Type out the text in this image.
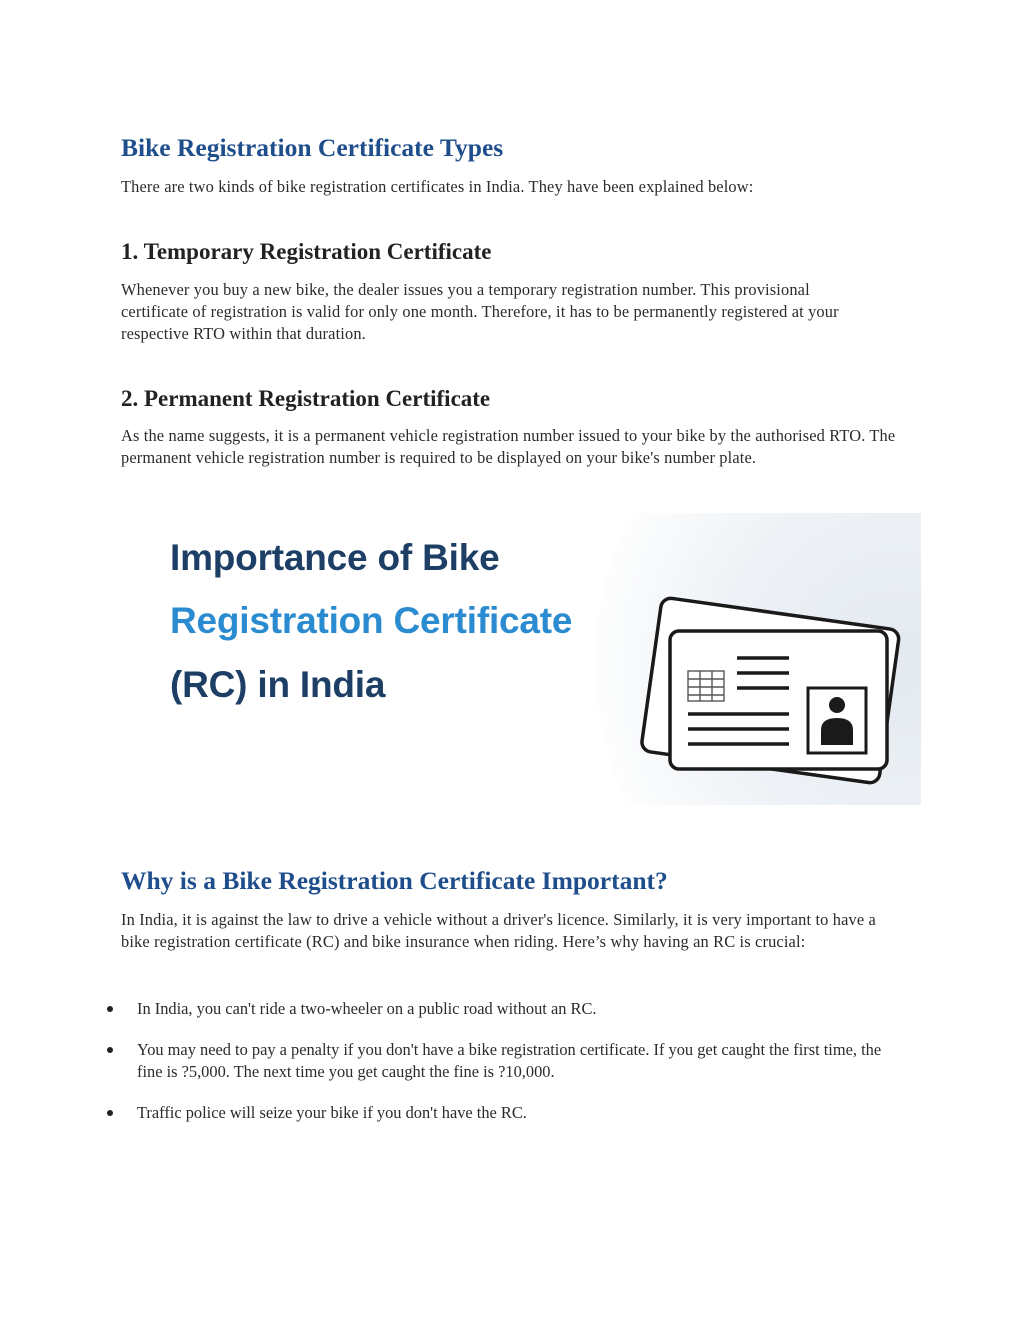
Bike Registration Certificate Types

There are two kinds of bike registration certificates in India. They have been explained below:

1. Temporary Registration Certificate

Whenever you buy a new bike, the dealer issues you a temporary registration number. This provisional certificate of registration is valid for only one month. Therefore, it has to be permanently registered at your respective RTO within that duration.

2. Permanent Registration Certificate

As the name suggests, it is a permanent vehicle registration number issued to your bike by the authorised RTO. The permanent vehicle registration number is required to be displayed on your bike's number plate.

Importance of Bike

Registration Certificate

(RC) in India

Why is a Bike Registration Certificate Important?

In India, it is against the law to drive a vehicle without a driver's licence. Similarly, it is very important to have a bike registration certificate (RC) and bike insurance when riding. Here’s why having an RC is crucial:

In India, you can't ride a two-wheeler on a public road without an RC.
You may need to pay a penalty if you don't have a bike registration certificate. If you get caught the first time, the fine is ?5,000. The next time you get caught the fine is ?10,000.
Traffic police will seize your bike if you don't have the RC.
